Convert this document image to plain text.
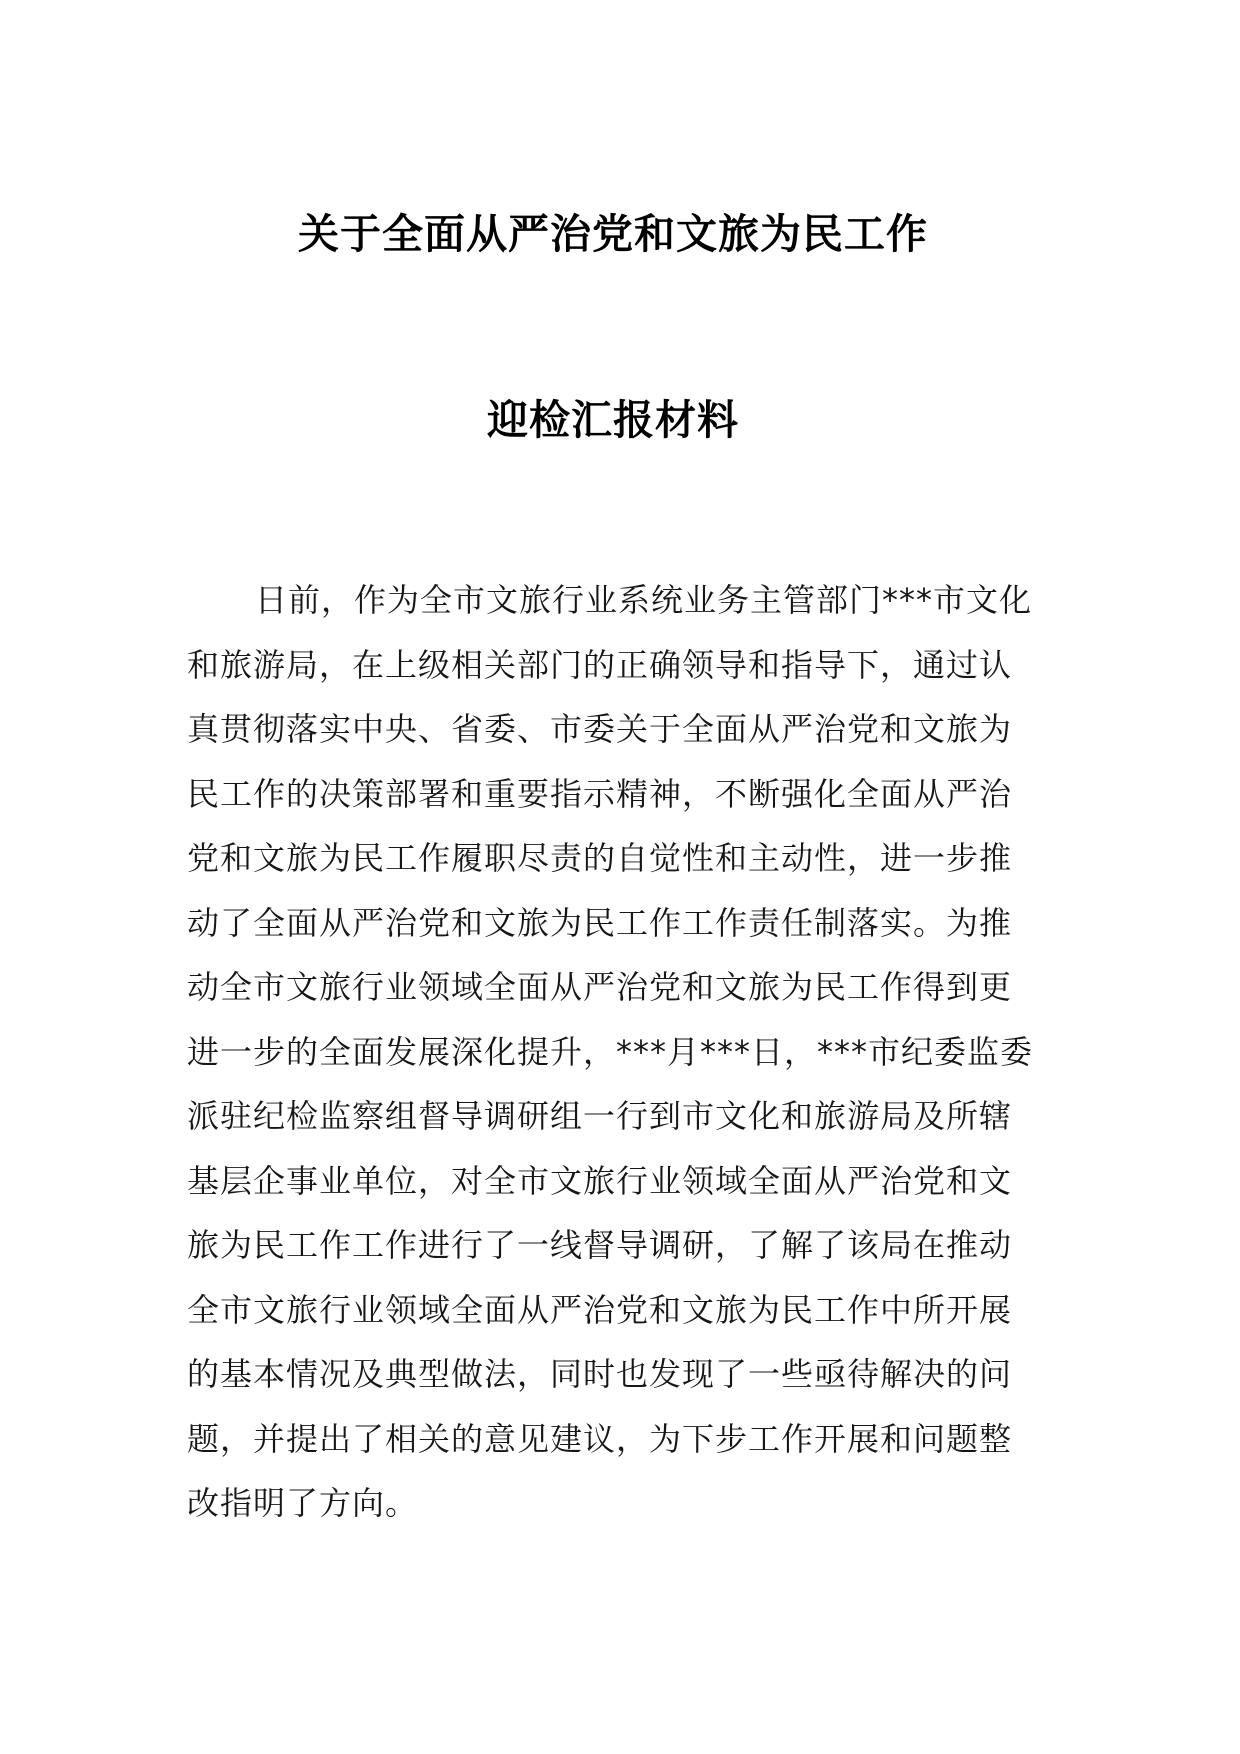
关于全面从严治党和文旅为民工作
迎检汇报材料

日前，作为全市文旅行业系统业务主管部门***市文化
和旅游局，在上级相关部门的正确领导和指导下，通过认
真贯彻落实中央、省委、市委关于全面从严治党和文旅为
民工作的决策部署和重要指示精神，不断强化全面从严治
党和文旅为民工作履职尽责的自觉性和主动性，进一步推
动了全面从严治党和文旅为民工作工作责任制落实。为推
动全市文旅行业领域全面从严治党和文旅为民工作得到更
进一步的全面发展深化提升，***月***日，***市纪委监委
派驻纪检监察组督导调研组一行到市文化和旅游局及所辖
基层企事业单位，对全市文旅行业领域全面从严治党和文
旅为民工作工作进行了一线督导调研，了解了该局在推动
全市文旅行业领域全面从严治党和文旅为民工作中所开展
的基本情况及典型做法，同时也发现了一些亟待解决的问
题，并提出了相关的意见建议，为下步工作开展和问题整
改指明了方向。
